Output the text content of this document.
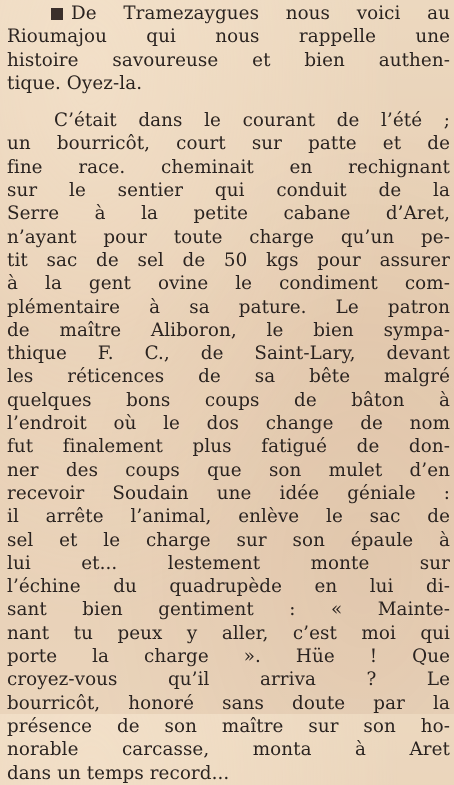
De Tramezaygues nous voici au
Rioumajou qui nous rappelle une
histoire savoureuse et bien authen-
tique. Oyez-la.
C’était dans le courant de l’été ;
un bourricôt, court sur patte et de
fine race. cheminait en rechignant
sur le sentier qui conduit de la
Serre à la petite cabane d’Aret,
n’ayant pour toute charge qu’un pe-
tit sac de sel de 50 kgs pour assurer
à la gent ovine le condiment com-
plémentaire à sa pature. Le patron
de maître Aliboron, le bien sympa-
thique F. C., de Saint-Lary, devant
les réticences de sa bête malgré
quelques bons coups de bâton à
l’endroit où le dos change de nom
fut finalement plus fatigué de don-
ner des coups que son mulet d’en
recevoir Soudain une idée géniale :
il arrête l’animal, enlève le sac de
sel et le charge sur son épaule à
lui et... lestement monte sur
l’échine du quadrupède en lui di-
sant bien gentiment : « Mainte-
nant tu peux y aller, c’est moi qui
porte la charge ». Hüe ! Que
croyez-vous qu’il arriva ? Le
bourricôt, honoré sans doute par la
présence de son maître sur son ho-
norable carcasse, monta à Aret
dans un temps record...
